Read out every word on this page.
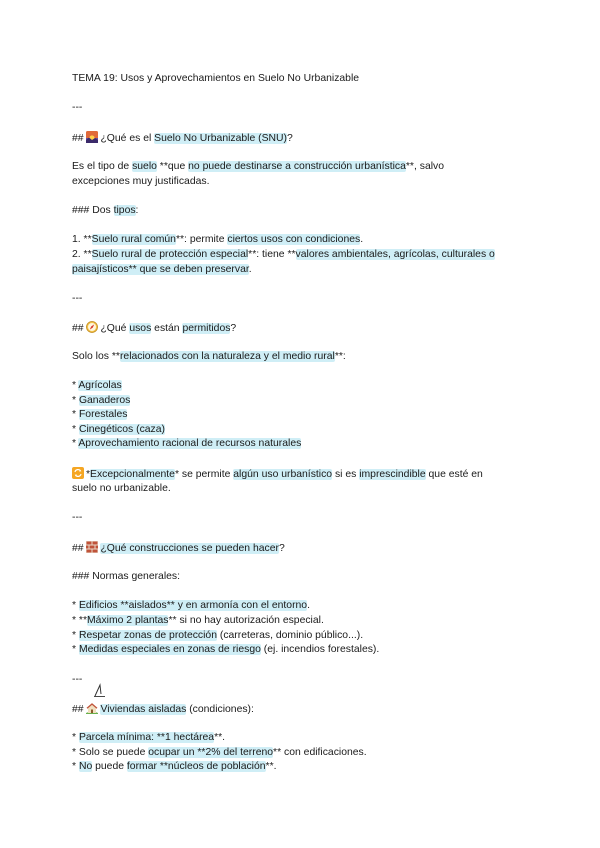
TEMA 19: Usos y Aprovechamientos en Suelo No Urbanizable
---
## ¿Qué es el Suelo No Urbanizable (SNU)?
Es el tipo de suelo **que no puede destinarse a construcción urbanística**, salvo
excepciones muy justificadas.
### Dos tipos:
1. **Suelo rural común**: permite ciertos usos con condiciones.
2. **Suelo rural de protección especial**: tiene **valores ambientales, agrícolas, culturales o
paisajísticos** que se deben preservar.
---
## ¿Qué usos están permitidos?
Solo los **relacionados con la naturaleza y el medio rural**:
* Agrícolas
* Ganaderos
* Forestales
* Cinegéticos (caza)
* Aprovechamiento racional de recursos naturales
*Excepcionalmente* se permite algún uso urbanístico si es imprescindible que esté en
suelo no urbanizable.
---
## ¿Qué construcciones se pueden hacer?
### Normas generales:
* Edificios **aislados** y en armonía con el entorno.
* **Máximo 2 plantas** si no hay autorización especial.
* Respetar zonas de protección (carreteras, dominio público...).
* Medidas especiales en zonas de riesgo (ej. incendios forestales).
---
## Viviendas aisladas (condiciones):
* Parcela mínima: **1 hectárea**.
* Solo se puede ocupar un **2% del terreno** con edificaciones.
* No puede formar **núcleos de población**.
